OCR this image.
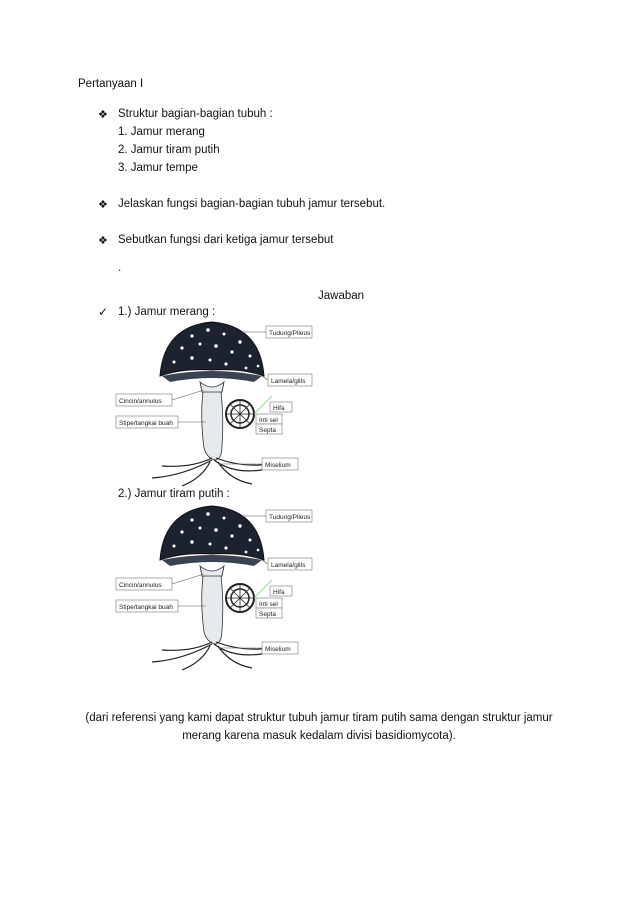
Pertanyaan I
❖ Struktur bagian-bagian tubuh :
1. Jamur merang
2. Jamur tiram putih
3. Jamur tempe
❖ Jelaskan fungsi bagian-bagian tubuh jamur tersebut.
❖ Sebutkan fungsi dari ketiga jamur tersebut
.
Jawaban
✓ 1.) Jamur merang :
Tudung/Pileus
Lamela/gills
Cincin/annulus
Hifa
Inti sel
Stipe/tangkai buah
Septa
Miselium
2.) Jamur tiram putih :
Tudung/Pileus
Lamela/gills
Cincin/annulus
Hifa
Inti sel
Stipe/tangkai buah
Septa
Miselium
(dari referensi yang kami dapat struktur tubuh jamur tiram putih sama dengan struktur jamur
merang karena masuk kedalam divisi basidiomycota).
